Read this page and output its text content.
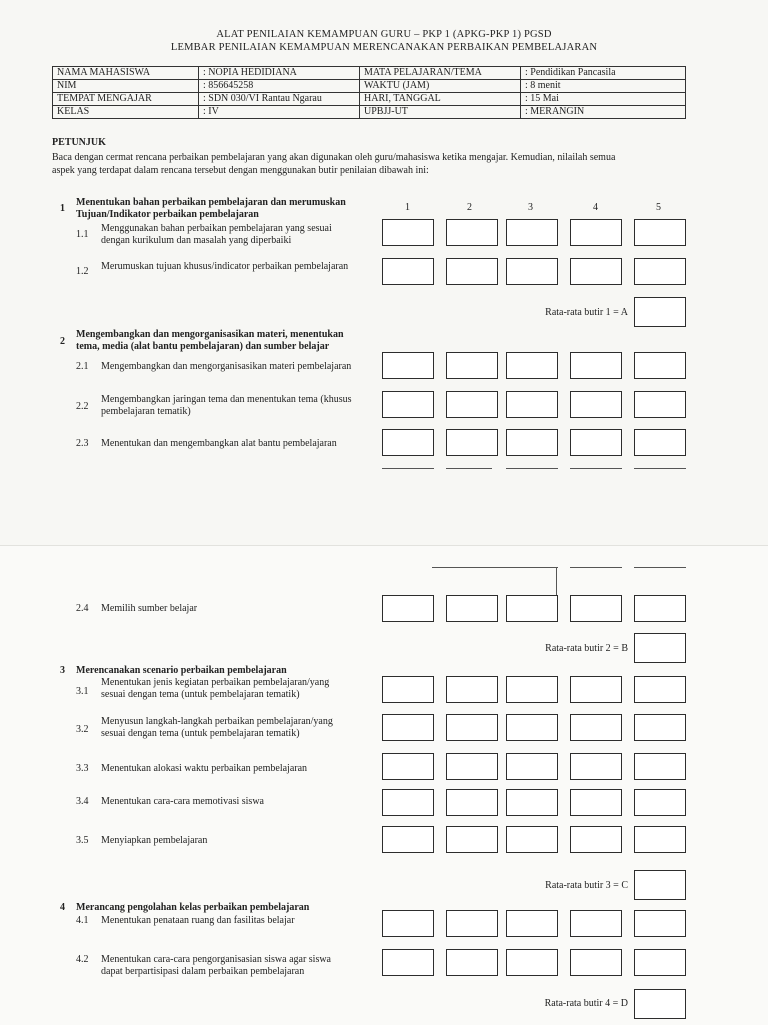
ALAT PENILAIAN KEMAMPUAN GURU – PKP 1 (APKG-PKP 1) PGSD
LEMBAR PENILAIAN KEMAMPUAN MERENCANAKAN PERBAIKAN PEMBELAJARAN
NAMA MAHASISWA	: NOPIA HEDIDIANA	MATA PELAJARAN/TEMA	: Pendidikan Pancasila
NIM	: 856645258	WAKTU (JAM)	: 8 menit
TEMPAT MENGAJAR	: SDN 030/VI Rantau Ngarau	HARI, TANGGAL	: 15 Mai
KELAS	: IV	UPBJJ-UT	: MERANGIN
PETUNJUK
Baca dengan cermat rencana perbaikan pembelajaran yang akan digunakan oleh guru/mahasiswa ketika mengajar. Kemudian, nilailah semua
aspek yang terdapat dalam rencana tersebut dengan menggunakan butir penilaian dibawah ini:
1	2	3	4	5
1
Menentukan bahan perbaikan pembelajaran dan merumuskan
Tujuan/Indikator perbaikan pembelajaran
1.1
Menggunakan bahan perbaikan pembelajaran yang sesuai
dengan kurikulum dan masalah yang diperbaiki
1.2 Merumuskan tujuan khusus/indicator perbaikan pembelajaran
Rata-rata butir 1 = A
2
Mengembangkan dan mengorganisasikan materi, menentukan
tema, media (alat bantu pembelajaran) dan sumber belajar
2.1 Mengembangkan dan mengorganisasikan materi pembelajaran
2.2
Mengembangkan jaringan tema dan menentukan tema (khusus
pembelajaran tematik)
2.3 Menentukan dan mengembangkan alat bantu pembelajaran
2.4 Memilih sumber belajar
Rata-rata butir 2 = B
3 Merencanakan scenario perbaikan pembelajaran
3.1
Menentukan jenis kegiatan perbaikan pembelajaran/yang
sesuai dengan tema (untuk pembelajaran tematik)
3.2
Menyusun langkah-langkah perbaikan pembelajaran/yang
sesuai dengan tema (untuk pembelajaran tematik)
3.3 Menentukan alokasi waktu perbaikan pembelajaran
3.4 Menentukan cara-cara memotivasi siswa
3.5 Menyiapkan pembelajaran
Rata-rata butir 3 = C
4 Merancang pengolahan kelas perbaikan pembelajaran
4.1 Menentukan penataan ruang dan fasilitas belajar
4.2 Menentukan cara-cara pengorganisasian siswa agar siswa
dapat berpartisipasi dalam perbaikan pembelajaran
Rata-rata butir 4 = D
